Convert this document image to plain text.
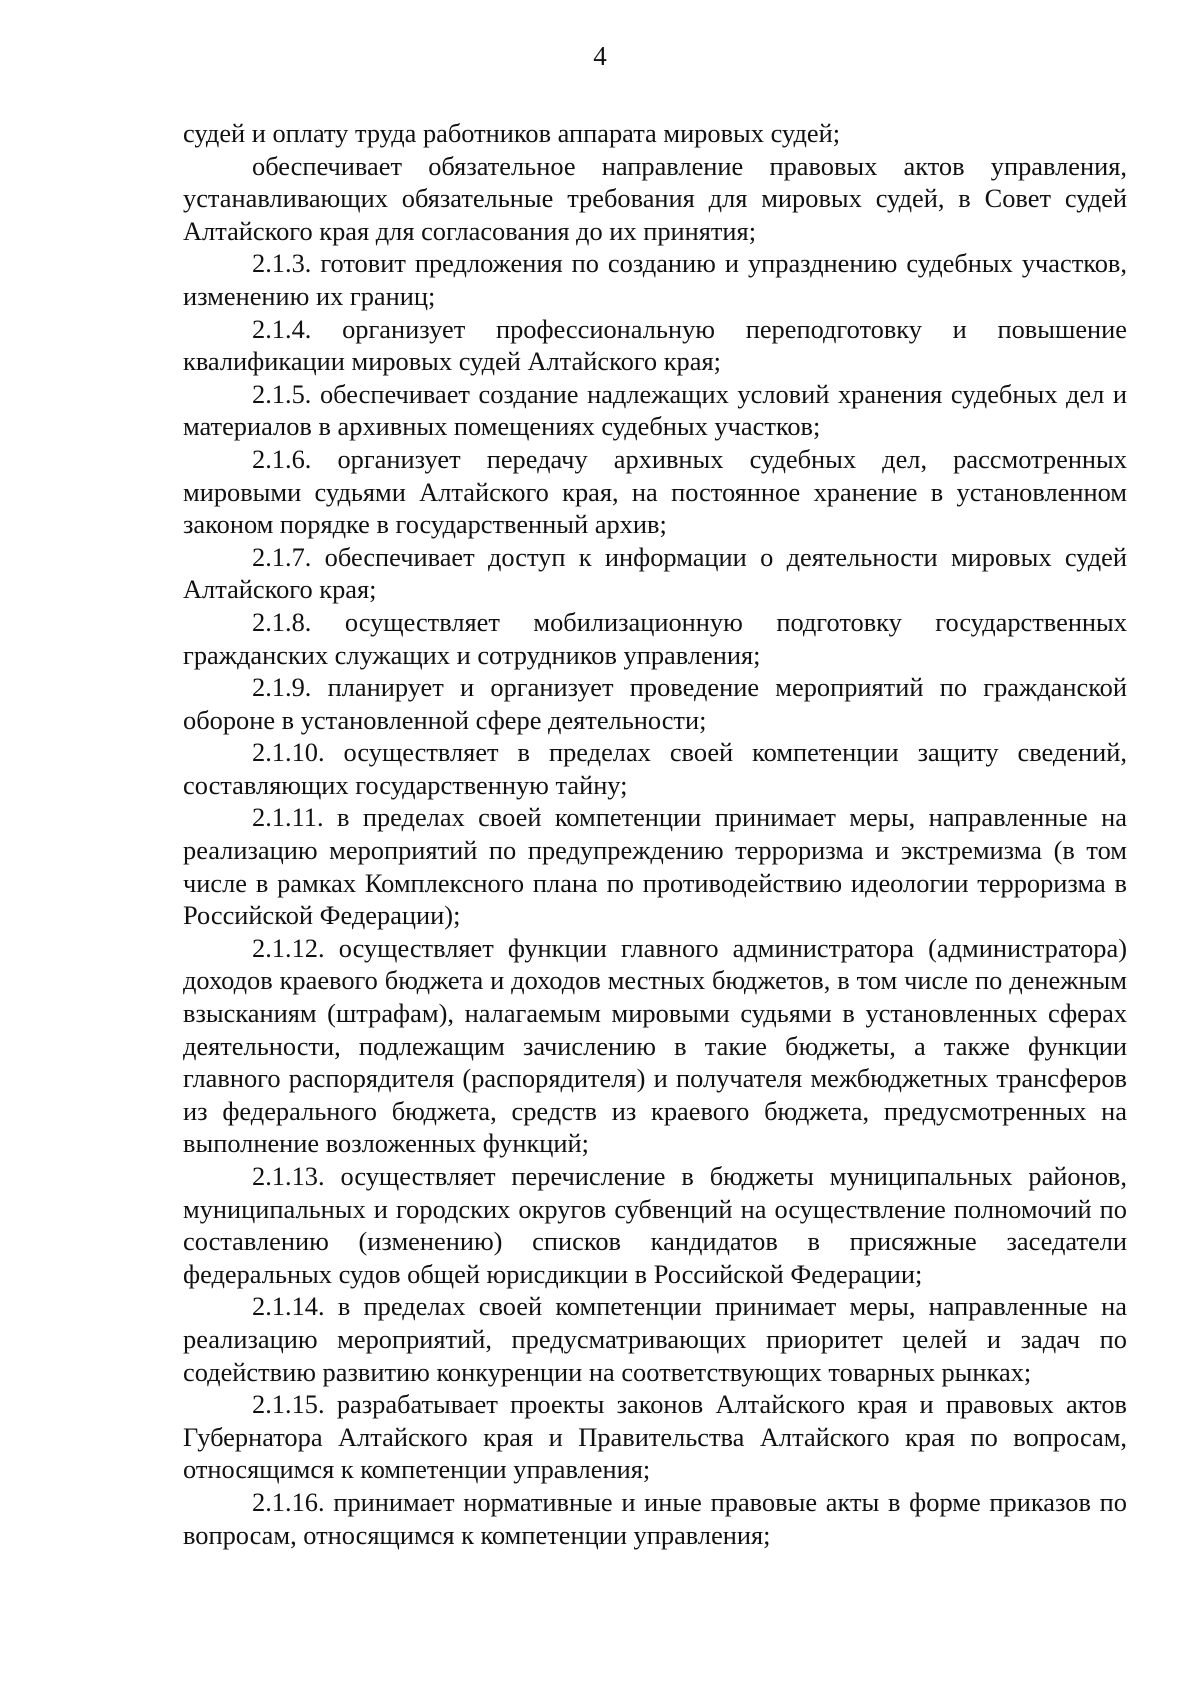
4

судей и оплату труда работников аппарата мировых судей;

обеспечивает обязательное направление правовых актов управления, устанавливающих обязательные требования для мировых судей, в Совет судей Алтайского края для согласования до их принятия;

2.1.3. готовит предложения по созданию и упразднению судебных участков, изменению их границ;

2.1.4. организует профессиональную переподготовку и повышение квалификации мировых судей Алтайского края;

2.1.5. обеспечивает создание надлежащих условий хранения судебных дел и материалов в архивных помещениях судебных участков;

2.1.6. организует передачу архивных судебных дел, рассмотренных мировыми судьями Алтайского края, на постоянное хранение в установленном законом порядке в государственный архив;

2.1.7. обеспечивает доступ к информации о деятельности мировых судей Алтайского края;

2.1.8. осуществляет мобилизационную подготовку государственных гражданских служащих и сотрудников управления;

2.1.9. планирует и организует проведение мероприятий по гражданской обороне в установленной сфере деятельности;

2.1.10. осуществляет в пределах своей компетенции защиту сведений, составляющих государственную тайну;

2.1.11. в пределах своей компетенции принимает меры, направленные на реализацию мероприятий по предупреждению терроризма и экстремизма (в том числе в рамках Комплексного плана по противодействию идеологии терроризма в Российской Федерации);

2.1.12. осуществляет функции главного администратора (администратора) доходов краевого бюджета и доходов местных бюджетов, в том числе по денежным взысканиям (штрафам), налагаемым мировыми судьями в установленных сферах деятельности, подлежащим зачислению в такие бюджеты, а также функции главного распорядителя (распорядителя) и получателя межбюджетных трансферов из федерального бюджета, средств из краевого бюджета, предусмотренных на выполнение возложенных функций;

2.1.13. осуществляет перечисление в бюджеты муниципальных районов, муниципальных и городских округов субвенций на осуществление полномочий по составлению (изменению) списков кандидатов в присяжные заседатели федеральных судов общей юрисдикции в Российской Федерации;

2.1.14. в пределах своей компетенции принимает меры, направленные на реализацию мероприятий, предусматривающих приоритет целей и задач по содействию развитию конкуренции на соответствующих товарных рынках;

2.1.15. разрабатывает проекты законов Алтайского края и правовых актов Губернатора Алтайского края и Правительства Алтайского края по вопросам, относящимся к компетенции управления;

2.1.16. принимает нормативные и иные правовые акты в форме приказов по вопросам, относящимся к компетенции управления;
